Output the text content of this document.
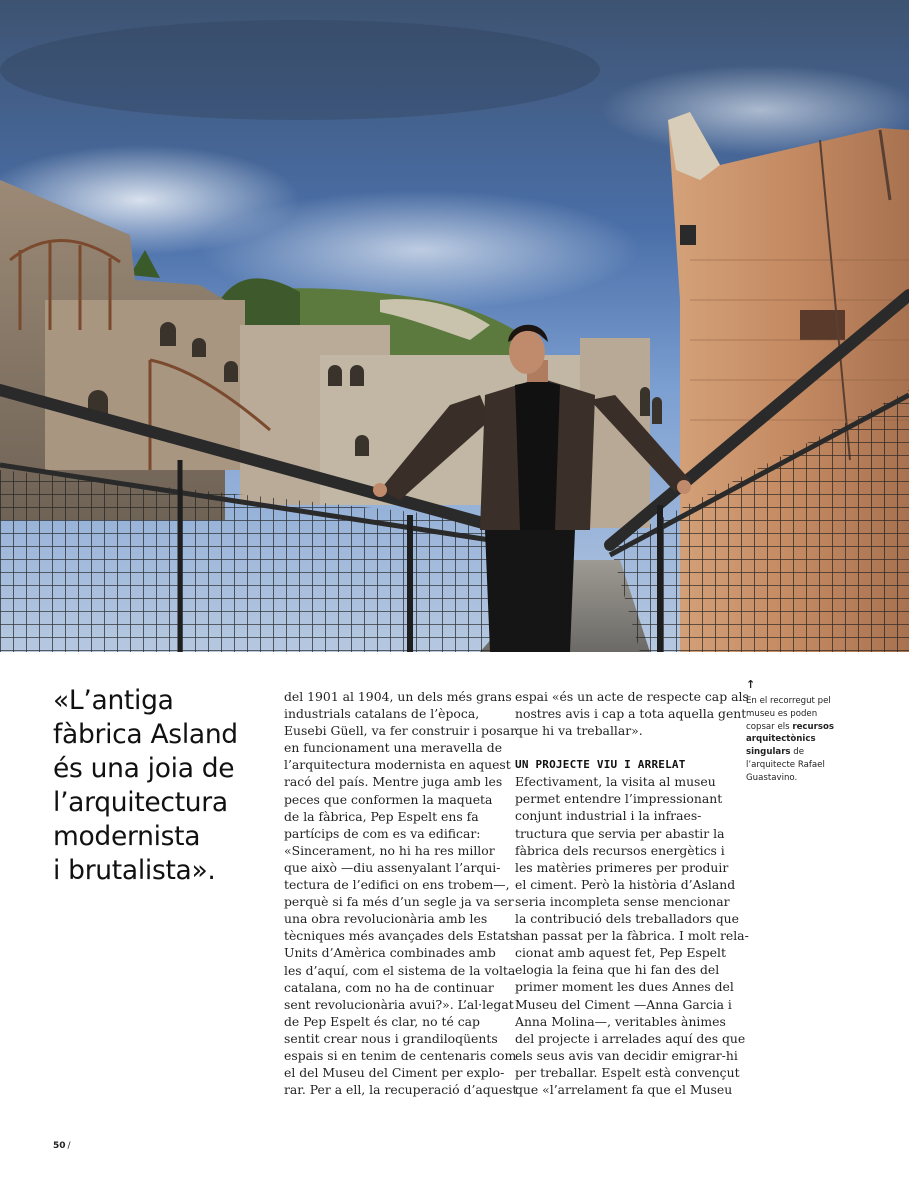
«L’antiga
fàbrica Asland
és una joia de
l’arquitectura
modernista
i brutalista».
del 1901 al 1904, un dels més grans
industrials catalans de l’època,
Eusebi Güell, va fer construir i posar
en funcionament una meravella de
l’arquitectura modernista en aquest
racó del país. Mentre juga amb les
peces que conformen la maqueta
de la fàbrica, Pep Espelt ens fa
partícips de com es va edificar:
«Sincerament, no hi ha res millor
que això —diu assenyalant l’arqui-
tectura de l’edifici on ens trobem—,
perquè si fa més d’un segle ja va ser
una obra revolucionària amb les
tècniques més avançades dels Estats
Units d’Amèrica combinades amb
les d’aquí, com el sistema de la volta
catalana, com no ha de continuar
sent revolucionària avui?». L’al·legat
de Pep Espelt és clar, no té cap
sentit crear nous i grandiloqüents
espais si en tenim de centenaris com
el del Museu del Ciment per explo-
rar. Per a ell, la recuperació d’aquest
espai «és un acte de respecte cap als
nostres avis i cap a tota aquella gent
que hi va treballar».
UN PROJECTE VIU I ARRELAT
Efectivament, la visita al museu
permet entendre l’impressionant
conjunt industrial i la infraes-
tructura que servia per abastir la
fàbrica dels recursos energètics i
les matèries primeres per produir
el ciment. Però la història d’Asland
seria incompleta sense mencionar
la contribució dels treballadors que
han passat per la fàbrica. I molt rela-
cionat amb aquest fet, Pep Espelt
elogia la feina que hi fan des del
primer moment les dues Annes del
Museu del Ciment —Anna Garcia i
Anna Molina—, veritables ànimes
del projecte i arrelades aquí des que
els seus avis van decidir emigrar-hi
per treballar. Espelt està convençut
que «l’arrelament fa que el Museu
↑
En el recorregut pel
museu es poden
copsar els recursos
arquitectònics
singulars de
l’arquitecte Rafael
Guastavino.
50 /
